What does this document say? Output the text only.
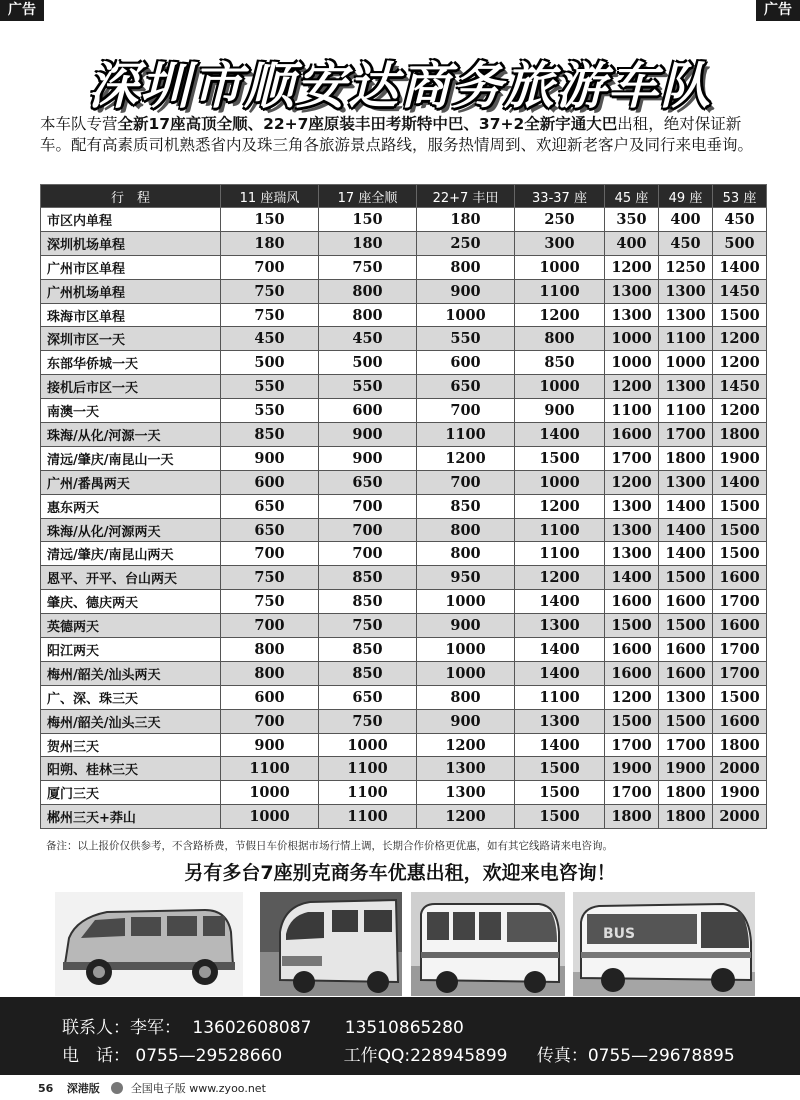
广告	广告
深圳市顺安达商务旅游车队

本车队专营全新17座高顶全顺、22+7座原装丰田考斯特中巴、37+2全新宇通大巴出租，绝对保证新车。配有高素质司机熟悉省内及珠三角各旅游景点路线，服务热情周到、欢迎新老客户及同行来电垂询。

行　程	11 座瑞风	17 座全顺	22+7 丰田	33-37 座	45 座	49 座	53 座
市区内单程	150	150	180	250	350	400	450
深圳机场单程	180	180	250	300	400	450	500
广州市区单程	700	750	800	1000	1200	1250	1400
广州机场单程	750	800	900	1100	1300	1300	1450
珠海市区单程	750	800	1000	1200	1300	1300	1500
深圳市区一天	450	450	550	800	1000	1100	1200
东部华侨城一天	500	500	600	850	1000	1000	1200
接机后市区一天	550	550	650	1000	1200	1300	1450
南澳一天	550	600	700	900	1100	1100	1200
珠海/从化/河源一天	850	900	1100	1400	1600	1700	1800
清远/肇庆/南昆山一天	900	900	1200	1500	1700	1800	1900
广州/番禺两天	600	650	700	1000	1200	1300	1400
惠东两天	650	700	850	1200	1300	1400	1500
珠海/从化/河源两天	650	700	800	1100	1300	1400	1500
清远/肇庆/南昆山两天	700	700	800	1100	1300	1400	1500
恩平、开平、台山两天	750	850	950	1200	1400	1500	1600
肇庆、德庆两天	750	850	1000	1400	1600	1600	1700
英德两天	700	750	900	1300	1500	1500	1600
阳江两天	800	850	1000	1400	1600	1600	1700
梅州/韶关/汕头两天	800	850	1000	1400	1600	1600	1700
广、深、珠三天	600	650	800	1100	1200	1300	1500
梅州/韶关/汕头三天	700	750	900	1300	1500	1500	1600
贺州三天	900	1000	1200	1400	1700	1700	1800
阳朔、桂林三天	1100	1100	1300	1500	1900	1900	2000
厦门三天	1000	1100	1300	1500	1700	1800	1900
郴州三天+莽山	1000	1100	1200	1500	1800	1800	2000
备注：以上报价仅供参考，不含路桥费，节假日车价根据市场行情上调，长期合作价格更优惠，如有其它线路请来电咨询。
另有多台7座别克商务车优惠出租，欢迎来电咨询！
BUS
联系人：李军： 13602608087 13510865280
电　话： 0755—29528660	工作QQ:228945899 传真：0755—29678895
56 深港版	全国电子版 www.zyoo.net
